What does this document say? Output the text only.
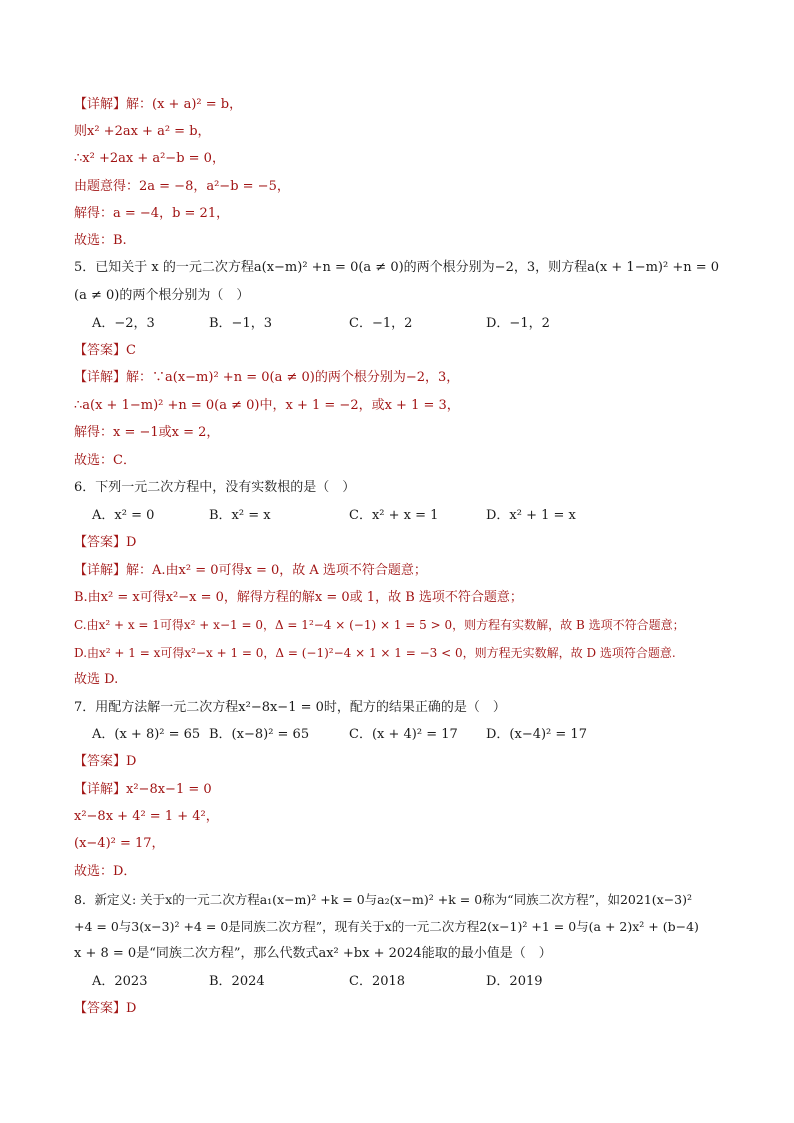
【详解】解：(x + a)² = b，
则x² +2ax + a² = b，
∴x² +2ax + a²−b = 0，
由题意得：2a = −8，a²−b = −5，
解得：a = −4，b = 21，
故选：B.
5．已知关于 x 的一元二次方程a(x−m)² +n = 0(a ≠ 0)的两个根分别为−2，3，则方程a(x + 1−m)² +n = 0
(a ≠ 0)的两个根分别为（　）
A．−2，3	B．−1，3	C．−1，2	D．−1，2
【答案】C
【详解】解：∵a(x−m)² +n = 0(a ≠ 0)的两个根分别为−2，3，
∴a(x + 1−m)² +n = 0(a ≠ 0)中，x + 1 = −2，或x + 1 = 3，
解得：x = −1或x = 2，
故选：C．
6．下列一元二次方程中，没有实数根的是（　）
A．x² = 0	B．x² = x	C．x² + x = 1	D．x² + 1 = x
【答案】D
【详解】解：A.由x² = 0可得x = 0，故 A 选项不符合题意；
B.由x² = x可得x²−x = 0，解得方程的解x = 0或 1，故 B 选项不符合题意；
C.由x² + x = 1可得x² + x−1 = 0，Δ = 1²−4 × (−1) × 1 = 5 > 0，则方程有实数解，故 B 选项不符合题意；
D.由x² + 1 = x可得x²−x + 1 = 0，Δ = (−1)²−4 × 1 × 1 = −3 < 0，则方程无实数解，故 D 选项符合题意.
故选 D.
7．用配方法解一元二次方程x²−8x−1 = 0时，配方的结果正确的是（　）
A．(x + 8)² = 65 B．(x−8)² = 65	C．(x + 4)² = 17 D．(x−4)² = 17
【答案】D
【详解】x²−8x−1 = 0
x²−8x + 4² = 1 + 4²，
(x−4)² = 17，
故选：D．
8．新定义: 关于x的一元二次方程a₁(x−m)² +k = 0与a₂(x−m)² +k = 0称为“同族二次方程”，如2021(x−3)²
+4 = 0与3(x−3)² +4 = 0是同族二次方程”，现有关于x的一元二次方程2(x−1)² +1 = 0与(a + 2)x² + (b−4)
x + 8 = 0是“同族二次方程”，那么代数式ax² +bx + 2024能取的最小值是（　）
A．2023	B．2024	C．2018	D．2019
【答案】D
